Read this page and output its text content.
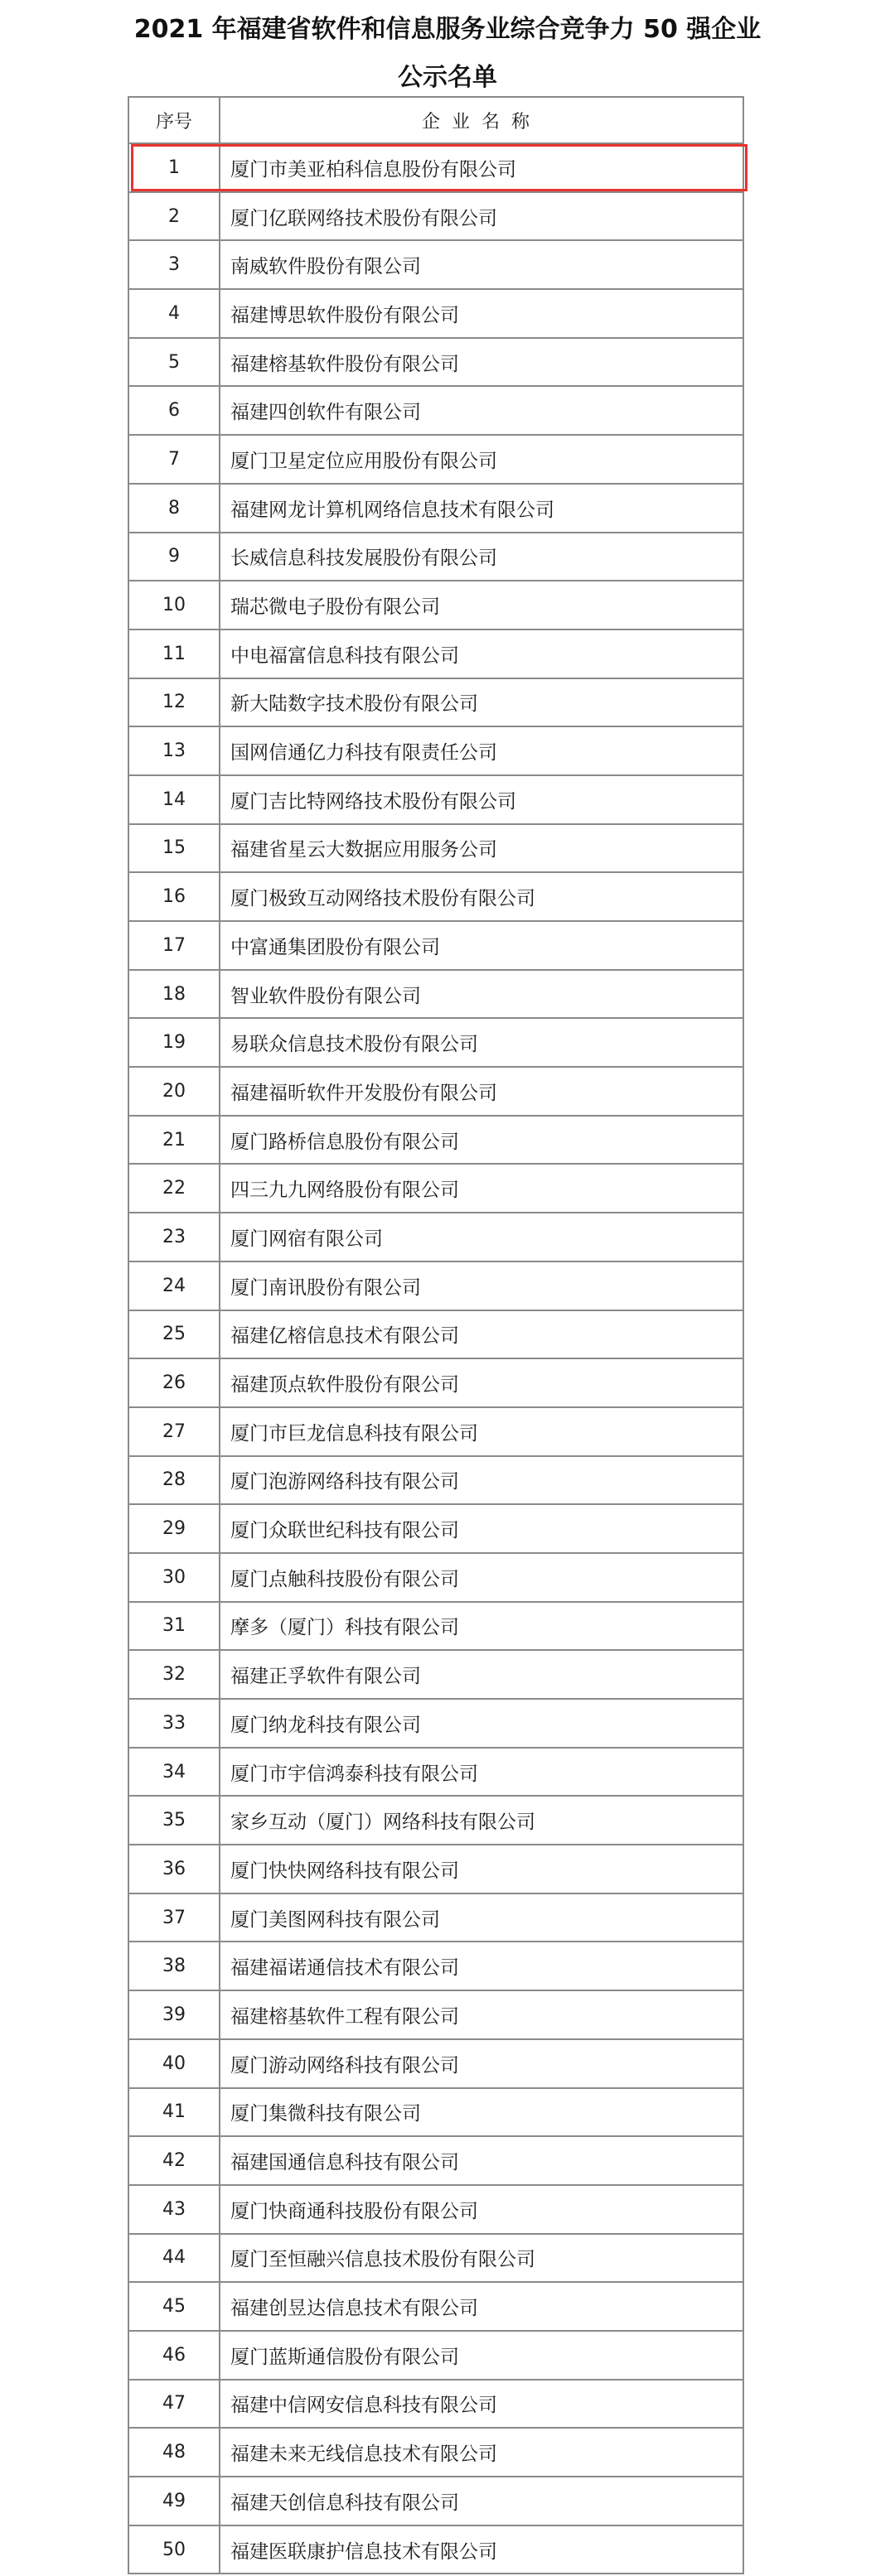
2021 年福建省软件和信息服务业综合竞争力 50 强企业
公示名单
序号	企业名称
1	厦门市美亚柏科信息股份有限公司
2	厦门亿联网络技术股份有限公司
3	南威软件股份有限公司
4	福建博思软件股份有限公司
5	福建榕基软件股份有限公司
6	福建四创软件有限公司
7	厦门卫星定位应用股份有限公司
8	福建网龙计算机网络信息技术有限公司
9	长威信息科技发展股份有限公司
10	瑞芯微电子股份有限公司
11	中电福富信息科技有限公司
12	新大陆数字技术股份有限公司
13	国网信通亿力科技有限责任公司
14	厦门吉比特网络技术股份有限公司
15	福建省星云大数据应用服务公司
16	厦门极致互动网络技术股份有限公司
17	中富通集团股份有限公司
18	智业软件股份有限公司
19	易联众信息技术股份有限公司
20	福建福昕软件开发股份有限公司
21	厦门路桥信息股份有限公司
22	四三九九网络股份有限公司
23	厦门网宿有限公司
24	厦门南讯股份有限公司
25	福建亿榕信息技术有限公司
26	福建顶点软件股份有限公司
27	厦门市巨龙信息科技有限公司
28	厦门泡游网络科技有限公司
29	厦门众联世纪科技有限公司
30	厦门点触科技股份有限公司
31	摩多（厦门）科技有限公司
32	福建正孚软件有限公司
33	厦门纳龙科技有限公司
34	厦门市宇信鸿泰科技有限公司
35	家乡互动（厦门）网络科技有限公司
36	厦门快快网络科技有限公司
37	厦门美图网科技有限公司
38	福建福诺通信技术有限公司
39	福建榕基软件工程有限公司
40	厦门游动网络科技有限公司
41	厦门集微科技有限公司
42	福建国通信息科技有限公司
43	厦门快商通科技股份有限公司
44	厦门至恒融兴信息技术股份有限公司
45	福建创昱达信息技术有限公司
46	厦门蓝斯通信股份有限公司
47	福建中信网安信息科技有限公司
48	福建未来无线信息技术有限公司
49	福建天创信息科技有限公司
50	福建医联康护信息技术有限公司
